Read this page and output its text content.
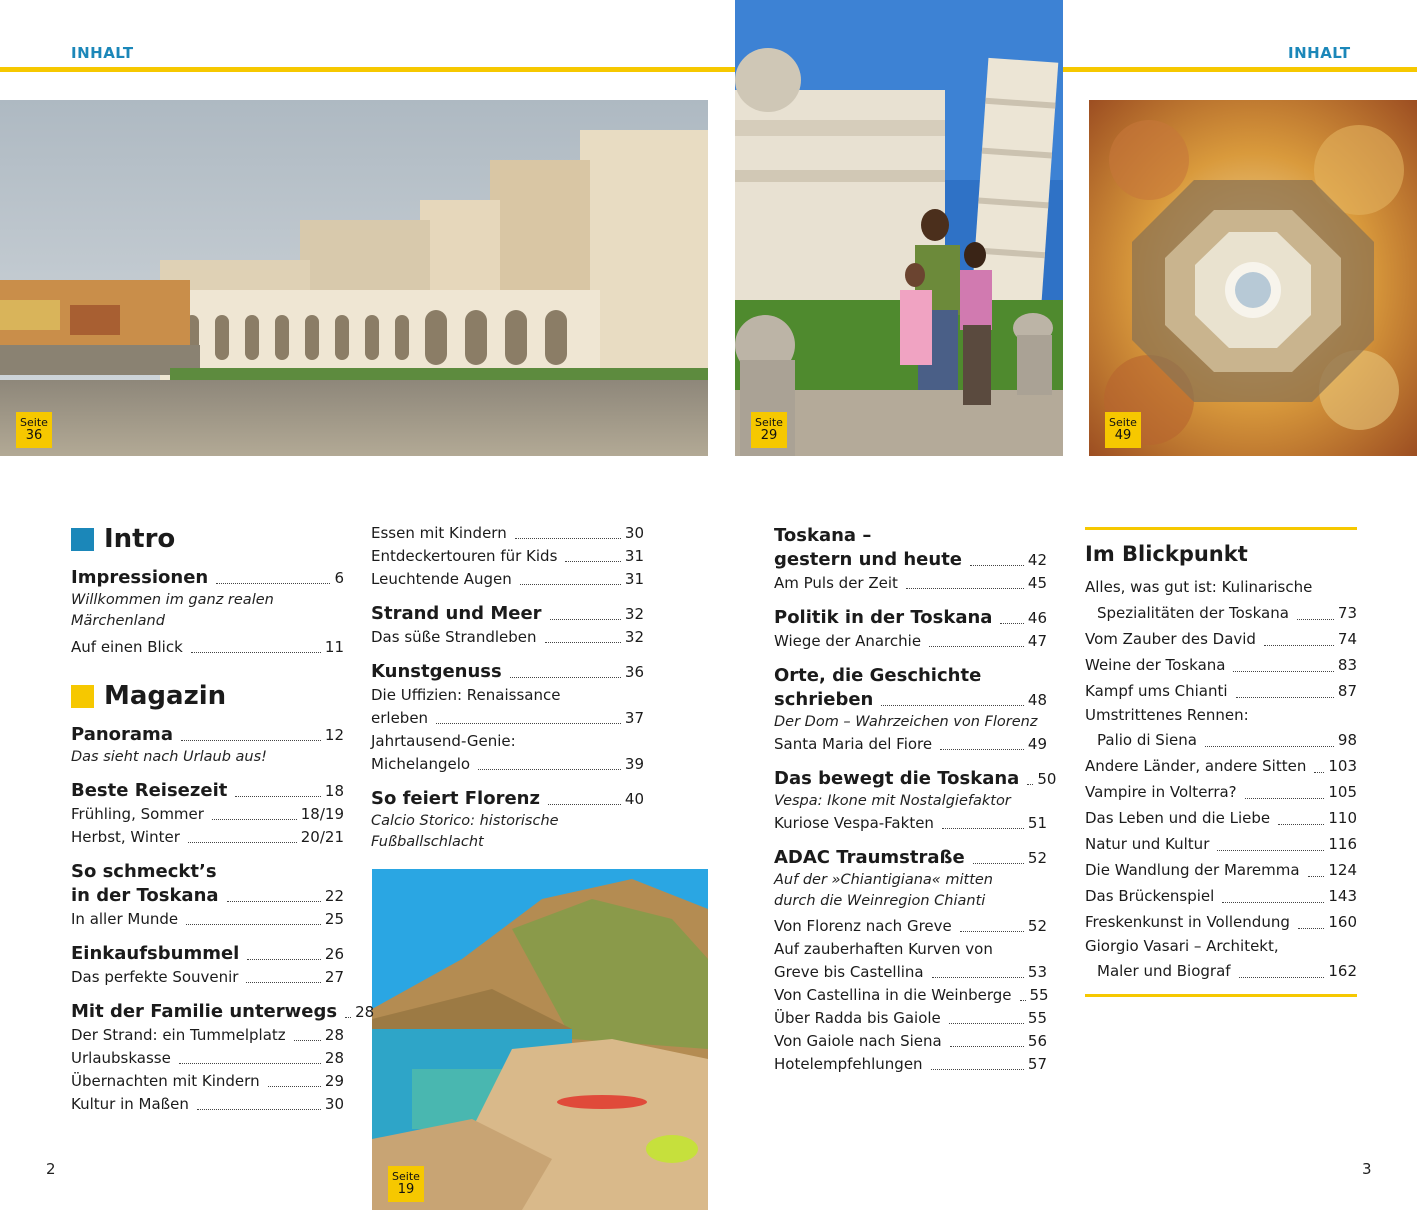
INHALT	INHALT
Seite
36
Seite
29
Seite
49
Seite
19
Intro
Impressionen	6
Willkommen im ganz realen
Märchenland
Auf einen Blick	11
Magazin
Panorama	12
Das sieht nach Urlaub aus!
Beste Reisezeit	18
Frühling, Sommer	18/19
Herbst, Winter	20/21
So schmeckt’s
in der Toskana	22
In aller Munde	25
Einkaufsbummel	26
Das perfekte Souvenir	27
Mit der Familie unterwegs 28
Der Strand: ein Tummelplatz	28
Urlaubskasse	28
Übernachten mit Kindern	29
Kultur in Maßen	30
Essen mit Kindern	30
Entdeckertouren für Kids	31
Leuchtende Augen	31
Strand und Meer	32
Das süße Strandleben	32
Kunstgenuss	36
Die Uffizien: Renaissance
erleben	37
Jahrtausend-Genie:
Michelangelo	39
So feiert Florenz	40
Calcio Storico: historische
Fußballschlacht
Toskana –
gestern und heute	42
Am Puls der Zeit	45
Politik in der Toskana 46
Wiege der Anarchie	47
Orte, die Geschichte
schrieben	48
Der Dom – Wahrzeichen von Florenz
Santa Maria del Fiore	49
Das bewegt die Toskana 50
Vespa: Ikone mit Nostalgiefaktor
Kuriose Vespa-Fakten	51
ADAC Traumstraße	52
Auf der »Chiantigiana« mitten
durch die Weinregion Chianti
Von Florenz nach Greve	52
Auf zauberhaften Kurven von
Greve bis Castellina	53
Von Castellina in die Weinberge 55
Über Radda bis Gaiole	55
Von Gaiole nach Siena	56
Hotelempfehlungen	57
Im Blickpunkt
Alles, was gut ist: Kulinarische
Spezialitäten der Toskana	73
Vom Zauber des David	74
Weine der Toskana	83
Kampf ums Chianti	87
Umstrittenes Rennen:
Palio di Siena	98
Andere Länder, andere Sitten 103
Vampire in Volterra?	105
Das Leben und die Liebe	110
Natur und Kultur	116
Die Wandlung der Maremma 124
Das Brückenspiel	143
Freskenkunst in Vollendung	160
Giorgio Vasari – Architekt,
Maler und Biograf	162
2	3
